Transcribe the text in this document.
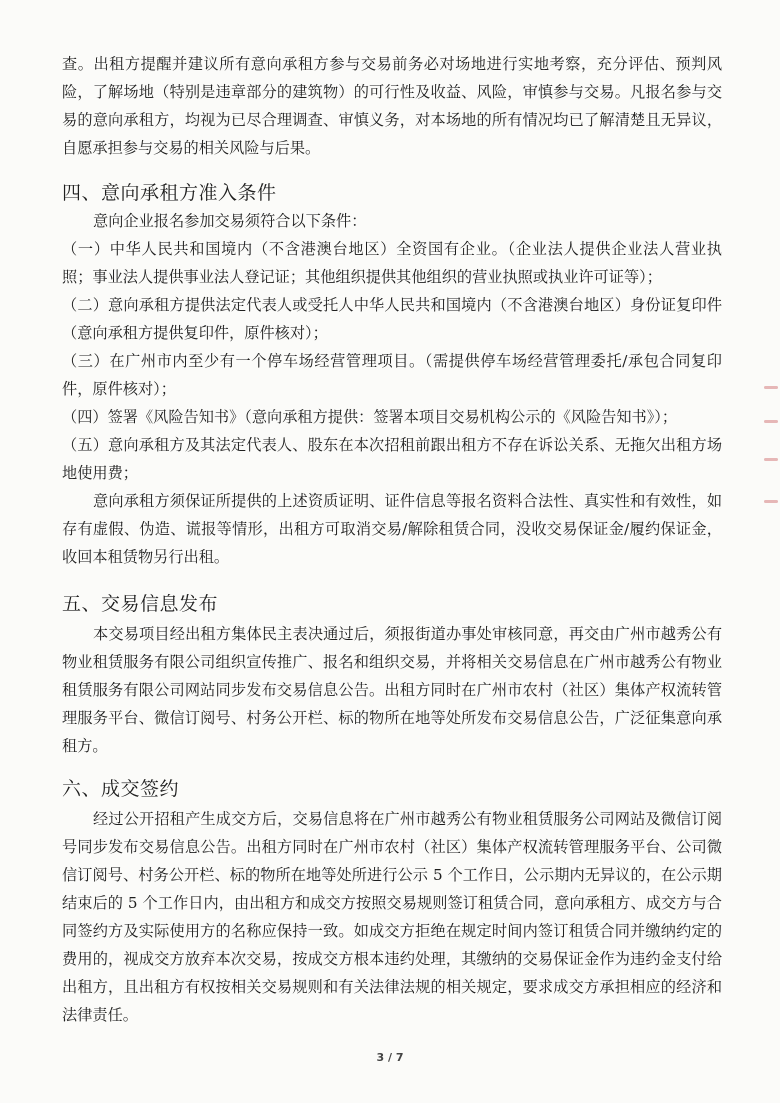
查。出租方提醒并建议所有意向承租方参与交易前务必对场地进行实地考察，充分评估、预判风险，了解场地（特别是违章部分的建筑物）的可行性及收益、风险，审慎参与交易。凡报名参与交易的意向承租方，均视为已尽合理调查、审慎义务，对本场地的所有情况均已了解清楚且无异议，自愿承担参与交易的相关风险与后果。

四、意向承租方准入条件

意向企业报名参加交易须符合以下条件：

（一）中华人民共和国境内（不含港澳台地区）全资国有企业。（企业法人提供企业法人营业执照；事业法人提供事业法人登记证；其他组织提供其他组织的营业执照或执业许可证等）；

（二）意向承租方提供法定代表人或受托人中华人民共和国境内（不含港澳台地区）身份证复印件（意向承租方提供复印件，原件核对）；

（三）在广州市内至少有一个停车场经营管理项目。（需提供停车场经营管理委托/承包合同复印件，原件核对）；

（四）签署《风险告知书》（意向承租方提供：签署本项目交易机构公示的《风险告知书》）；

（五）意向承租方及其法定代表人、股东在本次招租前跟出租方不存在诉讼关系、无拖欠出租方场地使用费；

意向承租方须保证所提供的上述资质证明、证件信息等报名资料合法性、真实性和有效性，如存有虚假、伪造、谎报等情形，出租方可取消交易/解除租赁合同，没收交易保证金/履约保证金，收回本租赁物另行出租。

五、交易信息发布

本交易项目经出租方集体民主表决通过后，须报街道办事处审核同意，再交由广州市越秀公有物业租赁服务有限公司组织宣传推广、报名和组织交易，并将相关交易信息在广州市越秀公有物业租赁服务有限公司网站同步发布交易信息公告。出租方同时在广州市农村（社区）集体产权流转管理服务平台、微信订阅号、村务公开栏、标的物所在地等处所发布交易信息公告，广泛征集意向承租方。

六、成交签约

经过公开招租产生成交方后，交易信息将在广州市越秀公有物业租赁服务公司网站及微信订阅号同步发布交易信息公告。出租方同时在广州市农村（社区）集体产权流转管理服务平台、公司微信订阅号、村务公开栏、标的物所在地等处所进行公示 5 个工作日，公示期内无异议的，在公示期结束后的 5 个工作日内，由出租方和成交方按照交易规则签订租赁合同，意向承租方、成交方与合同签约方及实际使用方的名称应保持一致。如成交方拒绝在规定时间内签订租赁合同并缴纳约定的费用的，视成交方放弃本次交易，按成交方根本违约处理，其缴纳的交易保证金作为违约金支付给出租方，且出租方有权按相关交易规则和有关法律法规的相关规定，要求成交方承担相应的经济和法律责任。

3 / 7
